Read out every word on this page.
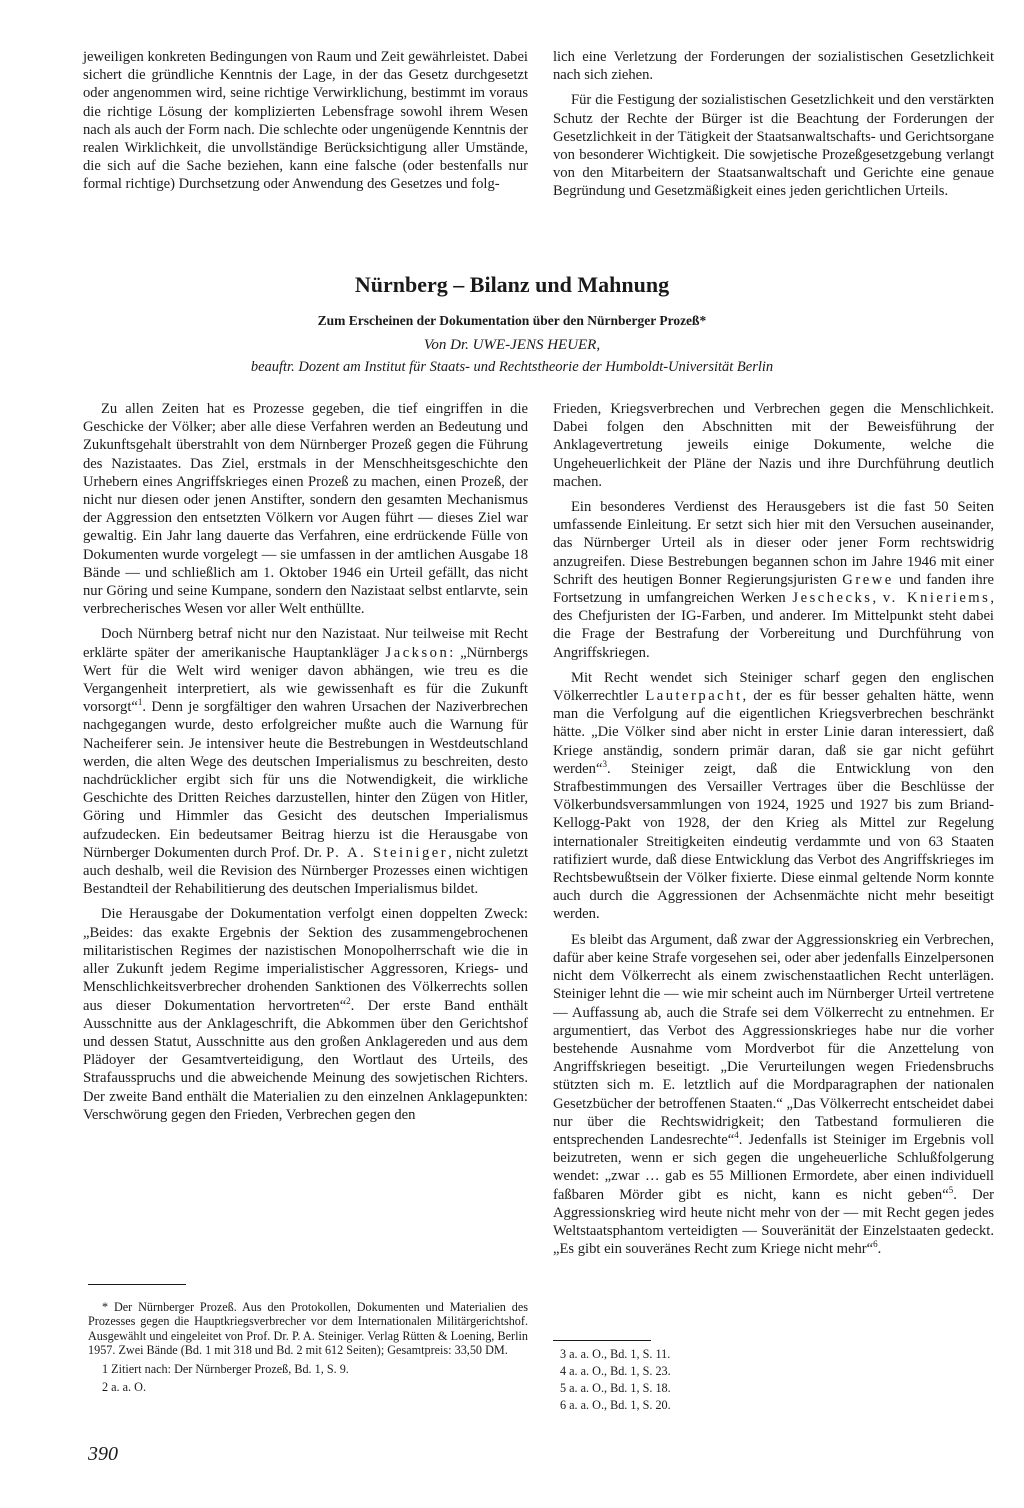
jeweiligen konkreten Bedingungen von Raum und Zeit gewährleistet. Dabei sichert die gründliche Kenntnis der Lage, in der das Gesetz durchgesetzt oder angenommen wird, seine richtige Verwirklichung, bestimmt im voraus die richtige Lösung der komplizierten Lebensfrage sowohl ihrem Wesen nach als auch der Form nach. Die schlechte oder ungenügende Kenntnis der realen Wirklichkeit, die unvollständige Berücksichtigung aller Umstände, die sich auf die Sache beziehen, kann eine falsche (oder bestenfalls nur formal richtige) Durchsetzung oder Anwendung des Gesetzes und folg-

lich eine Verletzung der Forderungen der sozialistischen Gesetzlichkeit nach sich ziehen.

Für die Festigung der sozialistischen Gesetzlichkeit und den verstärkten Schutz der Rechte der Bürger ist die Beachtung der Forderungen der Gesetzlichkeit in der Tätigkeit der Staatsanwaltschafts- und Gerichtsorgane von besonderer Wichtigkeit. Die sowjetische Prozeßgesetzgebung verlangt von den Mitarbeitern der Staatsanwaltschaft und Gerichte eine genaue Begründung und Gesetzmäßigkeit eines jeden gerichtlichen Urteils.

Nürnberg – Bilanz und Mahnung
Zum Erscheinen der Dokumentation über den Nürnberger Prozeß*
Von Dr. UWE-JENS HEUER,
beauftr. Dozent am Institut für Staats- und Rechtstheorie der Humboldt-Universität Berlin

Zu allen Zeiten hat es Prozesse gegeben, die tief eingriffen in die Geschicke der Völker; aber alle diese Verfahren werden an Bedeutung und Zukunftsgehalt überstrahlt von dem Nürnberger Prozeß gegen die Führung des Nazistaates. Das Ziel, erstmals in der Menschheitsgeschichte den Urhebern eines Angriffskrieges einen Prozeß zu machen, einen Prozeß, der nicht nur diesen oder jenen Anstifter, sondern den gesamten Mechanismus der Aggression den entsetzten Völkern vor Augen führt — dieses Ziel war gewaltig. Ein Jahr lang dauerte das Verfahren, eine erdrückende Fülle von Dokumenten wurde vorgelegt — sie umfassen in der amtlichen Ausgabe 18 Bände — und schließlich am 1. Oktober 1946 ein Urteil gefällt, das nicht nur Göring und seine Kumpane, sondern den Nazistaat selbst entlarvte, sein verbrecherisches Wesen vor aller Welt enthüllte.

Doch Nürnberg betraf nicht nur den Nazistaat. Nur teilweise mit Recht erklärte später der amerikanische Hauptankläger Jackson: „Nürnbergs Wert für die Welt wird weniger davon abhängen, wie treu es die Vergangenheit interpretiert, als wie gewissenhaft es für die Zukunft vorsorgt“$^1$. Denn je sorgfältiger den wahren Ursachen der Naziverbrechen nachgegangen wurde, desto erfolgreicher mußte auch die Warnung für Nacheiferer sein. Je intensiver heute die Bestrebungen in Westdeutschland werden, die alten Wege des deutschen Imperialismus zu beschreiten, desto nachdrücklicher ergibt sich für uns die Notwendigkeit, die wirkliche Geschichte des Dritten Reiches darzustellen, hinter den Zügen von Hitler, Göring und Himmler das Gesicht des deutschen Imperialismus aufzudecken. Ein bedeutsamer Beitrag hierzu ist die Herausgabe von Nürnberger Dokumenten durch Prof. Dr. P. A. Steiniger, nicht zuletzt auch deshalb, weil die Revision des Nürnberger Prozesses einen wichtigen Bestandteil der Rehabilitierung des deutschen Imperialismus bildet.

Die Herausgabe der Dokumentation verfolgt einen doppelten Zweck: „Beides: das exakte Ergebnis der Sektion des zusammengebrochenen militaristischen Regimes der nazistischen Monopolherrschaft wie die in aller Zukunft jedem Regime imperialistischer Aggressoren, Kriegs- und Menschlichkeitsverbrecher drohenden Sanktionen des Völkerrechts sollen aus dieser Dokumentation hervortreten“$^2$. Der erste Band enthält Ausschnitte aus der Anklageschrift, die Abkommen über den Gerichtshof und dessen Statut, Ausschnitte aus den großen Anklagereden und aus dem Plädoyer der Gesamtverteidigung, den Wortlaut des Urteils, des Strafausspruchs und die abweichende Meinung des sowjetischen Richters. Der zweite Band enthält die Materialien zu den einzelnen Anklagepunkten: Verschwörung gegen den Frieden, Verbrechen gegen den

Frieden, Kriegsverbrechen und Verbrechen gegen die Menschlichkeit. Dabei folgen den Abschnitten mit der Beweisführung der Anklagevertretung jeweils einige Dokumente, welche die Ungeheuerlichkeit der Pläne der Nazis und ihre Durchführung deutlich machen.

Ein besonderes Verdienst des Herausgebers ist die fast 50 Seiten umfassende Einleitung. Er setzt sich hier mit den Versuchen auseinander, das Nürnberger Urteil als in dieser oder jener Form rechtswidrig anzugreifen. Diese Bestrebungen begannen schon im Jahre 1946 mit einer Schrift des heutigen Bonner Regierungsjuristen Grewe und fanden ihre Fortsetzung in umfangreichen Werken Jeschecks, v. Knieriems, des Chefjuristen der IG-Farben, und anderer. Im Mittelpunkt steht dabei die Frage der Bestrafung der Vorbereitung und Durchführung von Angriffskriegen.

Mit Recht wendet sich Steiniger scharf gegen den englischen Völkerrechtler Lauterpacht, der es für besser gehalten hätte, wenn man die Verfolgung auf die eigentlichen Kriegsverbrechen beschränkt hätte. „Die Völker sind aber nicht in erster Linie daran interessiert, daß Kriege anständig, sondern primär daran, daß sie gar nicht geführt werden“$^3$. Steiniger zeigt, daß die Entwicklung von den Strafbestimmungen des Versailler Vertrages über die Beschlüsse der Völkerbundsversammlungen von 1924, 1925 und 1927 bis zum Briand-Kellogg-Pakt von 1928, der den Krieg als Mittel zur Regelung internationaler Streitigkeiten eindeutig verdammte und von 63 Staaten ratifiziert wurde, daß diese Entwicklung das Verbot des Angriffskrieges im Rechtsbewußtsein der Völker fixierte. Diese einmal geltende Norm konnte auch durch die Aggressionen der Achsenmächte nicht mehr beseitigt werden.

Es bleibt das Argument, daß zwar der Aggressionskrieg ein Verbrechen, dafür aber keine Strafe vorgesehen sei, oder aber jedenfalls Einzelpersonen nicht dem Völkerrecht als einem zwischenstaatlichen Recht unterlägen. Steiniger lehnt die — wie mir scheint auch im Nürnberger Urteil vertretene — Auffassung ab, auch die Strafe sei dem Völkerrecht zu entnehmen. Er argumentiert, das Verbot des Aggressionskrieges habe nur die vorher bestehende Ausnahme vom Mordverbot für die Anzettelung von Angriffskriegen beseitigt. „Die Verurteilungen wegen Friedensbruchs stützten sich m. E. letztlich auf die Mordparagraphen der nationalen Gesetzbücher der betroffenen Staaten.“ „Das Völkerrecht entscheidet dabei nur über die Rechtswidrigkeit; den Tatbestand formulieren die entsprechenden Landesrechte“$^4$. Jedenfalls ist Steiniger im Ergebnis voll beizutreten, wenn er sich gegen die ungeheuerliche Schlußfolgerung wendet: „zwar … gab es 55 Millionen Ermordete, aber einen individuell faßbaren Mörder gibt es nicht, kann es nicht geben“$^5$. Der Aggressionskrieg wird heute nicht mehr von der — mit Recht gegen jedes Weltstaatsphantom verteidigten — Souveränität der Einzelstaaten gedeckt. „Es gibt ein souveränes Recht zum Kriege nicht mehr“$^6$.

* Der Nürnberger Prozeß. Aus den Protokollen, Dokumenten und Materialien des Prozesses gegen die Hauptkriegsverbrecher vor dem Internationalen Militärgerichtshof. Ausgewählt und eingeleitet von Prof. Dr. P. A. Steiniger. Verlag Rütten & Loening, Berlin 1957. Zwei Bände (Bd. 1 mit 318 und Bd. 2 mit 612 Seiten); Gesamtpreis: 33,50 DM.

1 Zitiert nach: Der Nürnberger Prozeß, Bd. 1, S. 9.

2 a. a. O.

3 a. a. O., Bd. 1, S. 11.
4 a. a. O., Bd. 1, S. 23.
5 a. a. O., Bd. 1, S. 18.
6 a. a. O., Bd. 1, S. 20.
390
